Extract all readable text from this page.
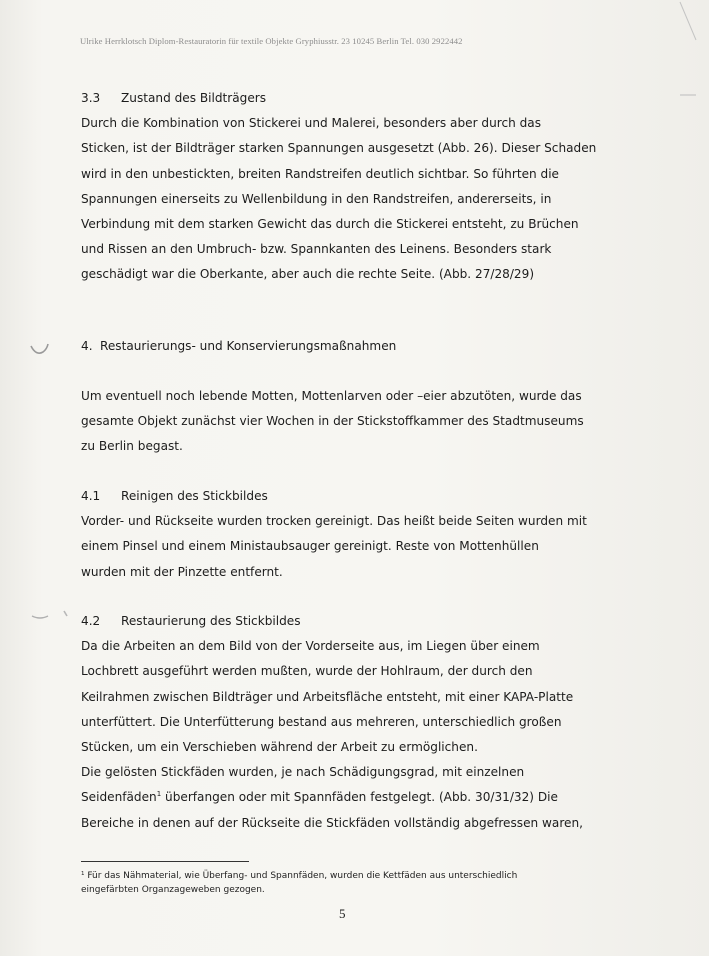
Ulrike Herrklotsch Diplom-Restauratorin für textile Objekte Gryphiusstr. 23 10245 Berlin Tel. 030 2922442
3.3	Zustand des Bildträgers
Durch die Kombination von Stickerei und Malerei, besonders aber durch das
Sticken, ist der Bildträger starken Spannungen ausgesetzt (Abb. 26). Dieser Schaden
wird in den unbestickten, breiten Randstreifen deutlich sichtbar. So führten die
Spannungen einerseits zu Wellenbildung in den Randstreifen, andererseits, in
Verbindung mit dem starken Gewicht das durch die Stickerei entsteht, zu Brüchen
und Rissen an den Umbruch- bzw. Spannkanten des Leinens. Besonders stark
geschädigt war die Oberkante, aber auch die rechte Seite. (Abb. 27/28/29)
4. Restaurierungs- und Konservierungsmaßnahmen
Um eventuell noch lebende Motten, Mottenlarven oder –eier abzutöten, wurde das
gesamte Objekt zunächst vier Wochen in der Stickstoffkammer des Stadtmuseums
zu Berlin begast.
4.1	Reinigen des Stickbildes
Vorder- und Rückseite wurden trocken gereinigt. Das heißt beide Seiten wurden mit
einem Pinsel und einem Ministaubsauger gereinigt. Reste von Mottenhüllen
wurden mit der Pinzette entfernt.
4.2	Restaurierung des Stickbildes
Da die Arbeiten an dem Bild von der Vorderseite aus, im Liegen über einem
Lochbrett ausgeführt werden mußten, wurde der Hohlraum, der durch den
Keilrahmen zwischen Bildträger und Arbeitsfläche entsteht, mit einer KAPA-Platte
unterfüttert. Die Unterfütterung bestand aus mehreren, unterschiedlich großen
Stücken, um ein Verschieben während der Arbeit zu ermöglichen.
Die gelösten Stickfäden wurden, je nach Schädigungsgrad, mit einzelnen
Seidenfäden$^1$ überfangen oder mit Spannfäden festgelegt. (Abb. 30/31/32) Die
Bereiche in denen auf der Rückseite die Stickfäden vollständig abgefressen waren,
$^1$ Für das Nähmaterial, wie Überfang- und Spannfäden, wurden die Kettfäden aus unterschiedlich
eingefärbten Organzageweben gezogen.
5
